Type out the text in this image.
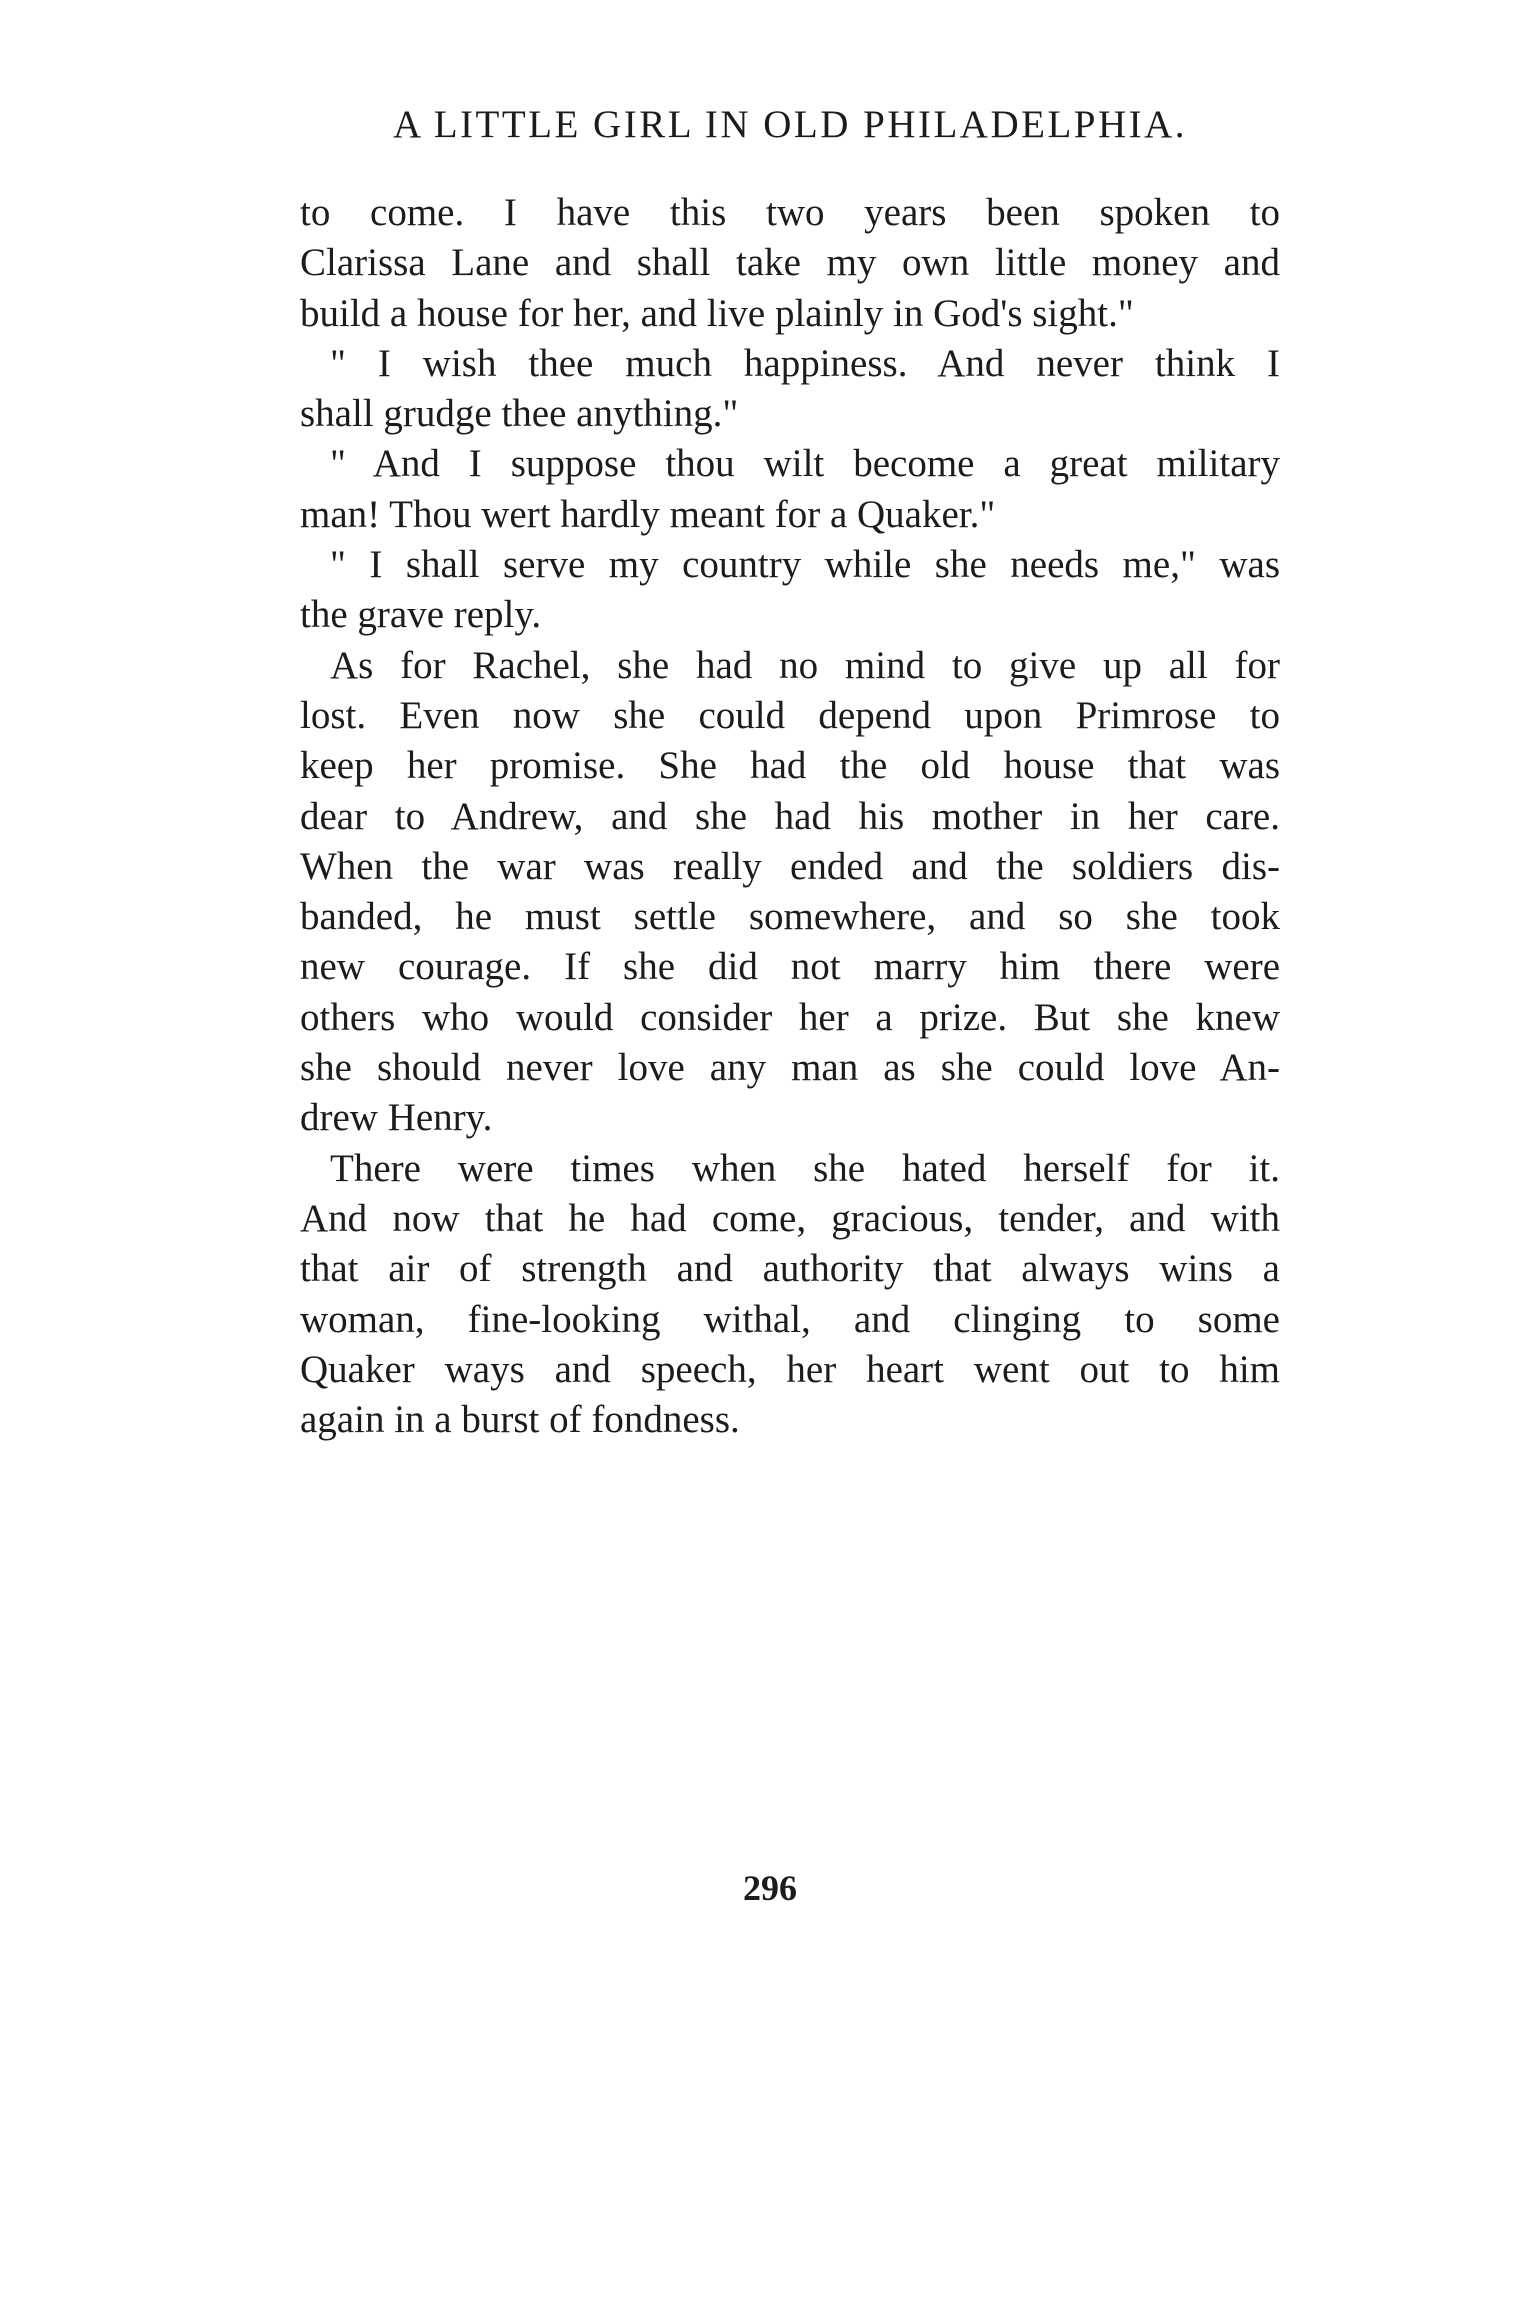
A LITTLE GIRL IN OLD PHILADELPHIA.
to come. I have this two years been spoken to
Clarissa Lane and shall take my own little money and
build a house for her, and live plainly in God's sight."
" I wish thee much happiness. And never think I
shall grudge thee anything."
" And I suppose thou wilt become a great military
man! Thou wert hardly meant for a Quaker."
" I shall serve my country while she needs me," was
the grave reply.
As for Rachel, she had no mind to give up all for
lost. Even now she could depend upon Primrose to
keep her promise. She had the old house that was
dear to Andrew, and she had his mother in her care.
When the war was really ended and the soldiers dis-
banded, he must settle somewhere, and so she took
new courage. If she did not marry him there were
others who would consider her a prize. But she knew
she should never love any man as she could love An-
drew Henry.
There were times when she hated herself for it.
And now that he had come, gracious, tender, and with
that air of strength and authority that always wins a
woman, fine-looking withal, and clinging to some
Quaker ways and speech, her heart went out to him
again in a burst of fondness.
296
